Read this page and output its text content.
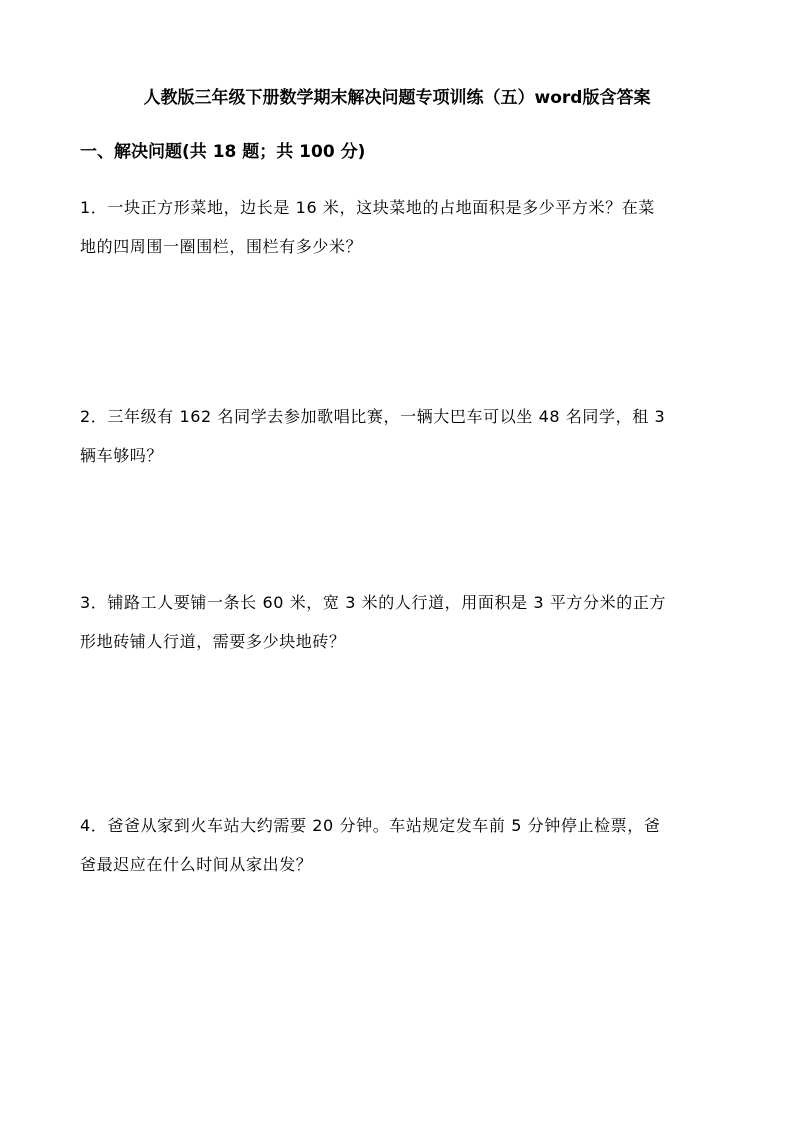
人教版三年级下册数学期末解决问题专项训练（五）word版含答案
一、解决问题(共 18 题；共 100 分)
1．一块正方形菜地，边长是 16 米，这块菜地的占地面积是多少平方米？在菜
地的四周围一圈围栏，围栏有多少米？
2．三年级有 162 名同学去参加歌唱比赛，一辆大巴车可以坐 48 名同学，租 3
辆车够吗？
3．铺路工人要铺一条长 60 米，宽 3 米的人行道，用面积是 3 平方分米的正方
形地砖铺人行道，需要多少块地砖？
4．爸爸从家到火车站大约需要 20 分钟。车站规定发车前 5 分钟停止检票，爸
爸最迟应在什么时间从家出发？
